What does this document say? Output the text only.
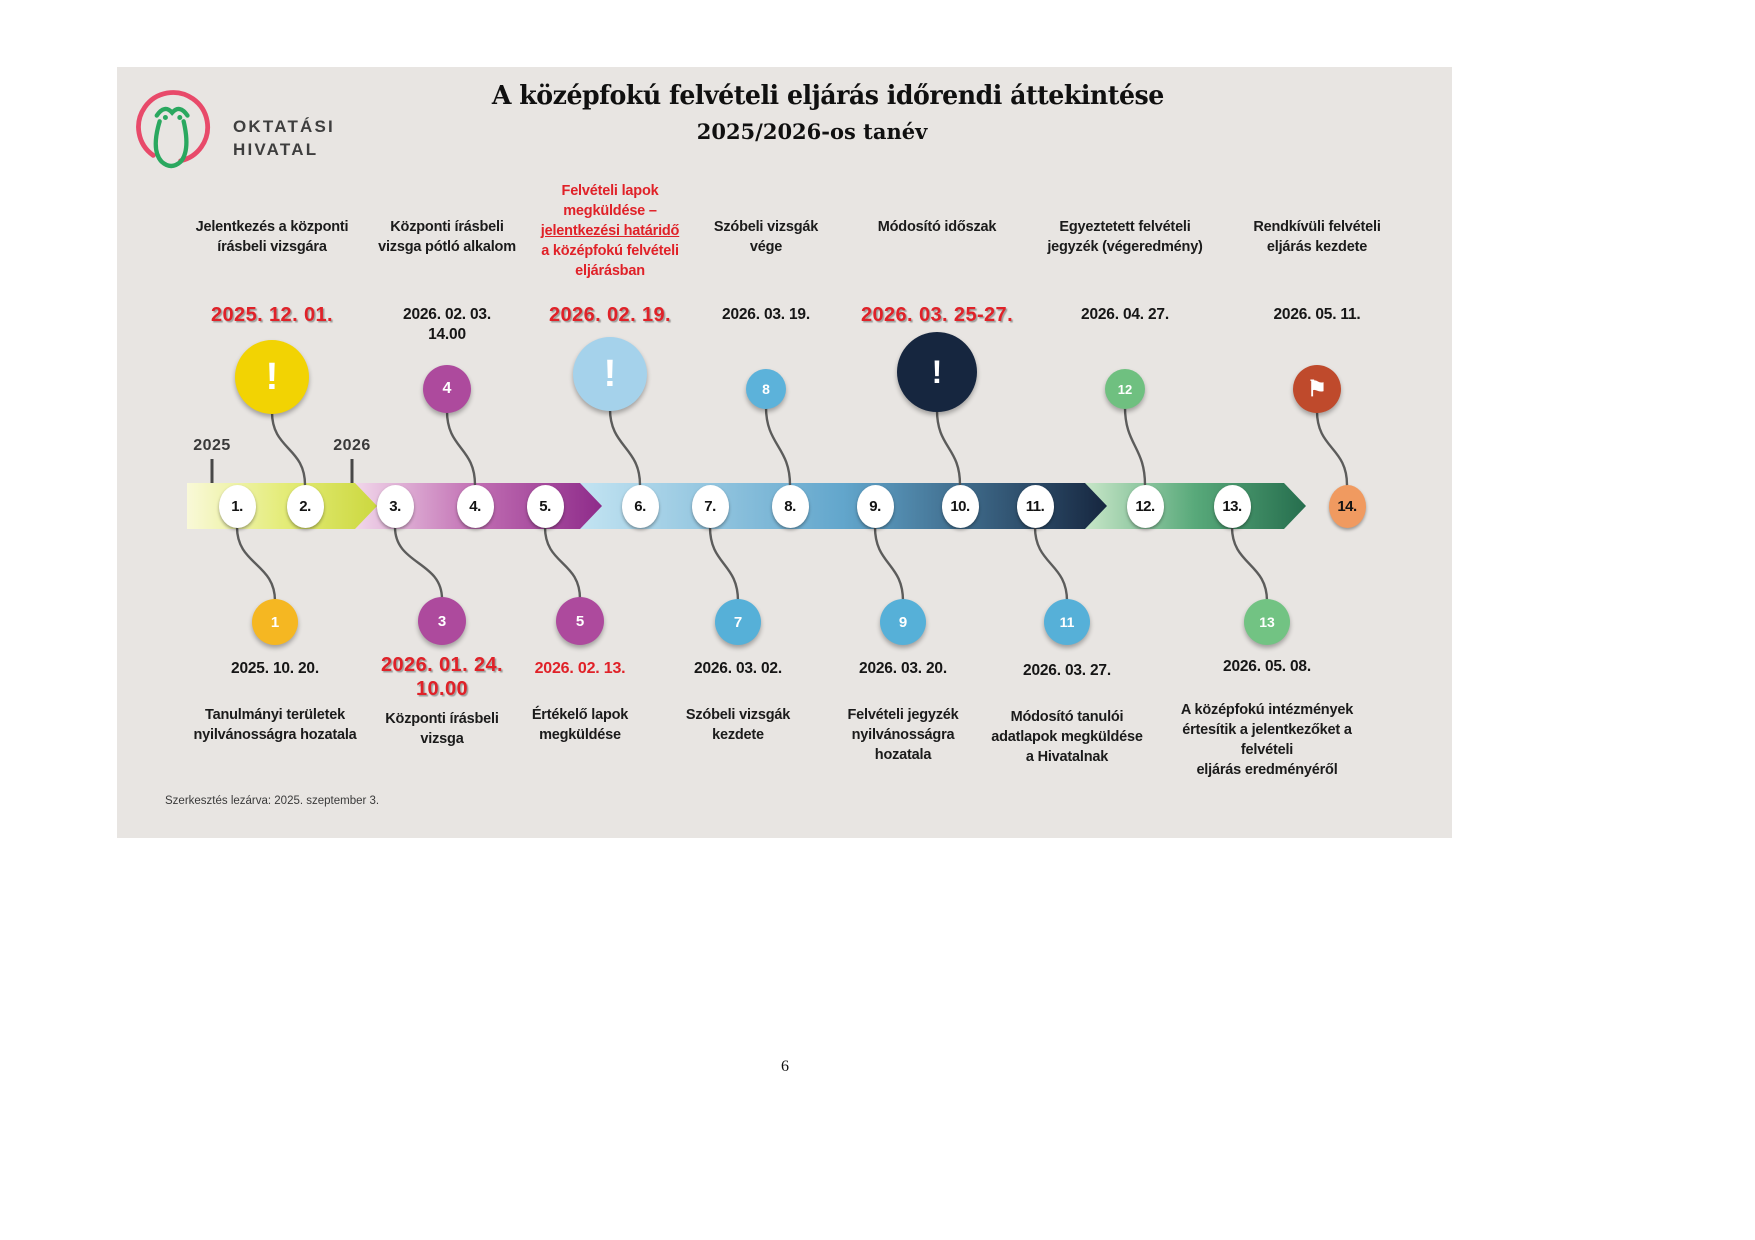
OKTATÁSI
HIVATAL
A középfokú felvételi eljárás időrendi áttekintése
2025/2026-os tanév
Szerkesztés lezárva: 2025. szeptember 3.
1.	2.	3.	4.	5.	6.	7.	8.	9.	10.	11.	12.	13.	14.
2025	2026
!
2025. 12. 01.
Jelentkezés a központi
írásbeli vizsgára
4
2026. 02. 03.
14.00
Központi írásbeli
vizsga pótló alkalom
!
2026. 02. 19.
Felvételi lapok
megküldése –
jelentkezési határidő
a középfokú felvételi
eljárásban
8
2026. 03. 19.
Szóbeli vizsgák
vége
!
2026. 03. 25-27.
Módosító időszak
12
2026. 04. 27.
Egyeztetett felvételi
jegyzék (végeredmény)
⚑
2026. 05. 11.
Rendkívüli felvételi
eljárás kezdete
1
2025. 10. 20.
Tanulmányi területek
nyilvánosságra hozatala
3
2026. 01. 24.
10.00
Központi írásbeli
vizsga
5
2026. 02. 13.
Értékelő lapok
megküldése
7
2026. 03. 02.
Szóbeli vizsgák
kezdete
9
2026. 03. 20.
Felvételi jegyzék
nyilvánosságra
hozatala
11
2026. 03. 27.
Módosító tanulói
adatlapok megküldése
a Hivatalnak
13
2026. 05. 08.
A középfokú intézmények
értesítik a jelentkezőket a
felvételi
eljárás eredményéről
6
